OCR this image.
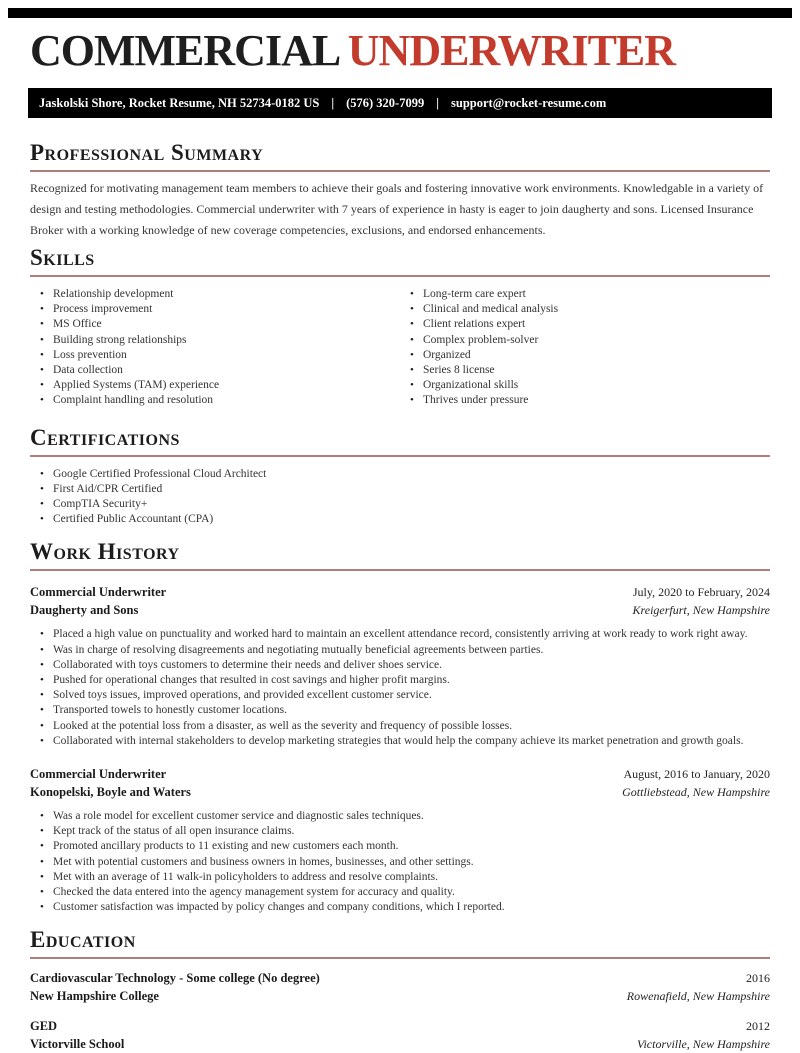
COMMERCIAL UNDERWRITER
Jaskolski Shore, Rocket Resume, NH 52734-0182 US | (576) 320-7099 | support@rocket-resume.com
Professional Summary

Recognized for motivating management team members to achieve their goals and fostering innovative work environments. Knowledgable in a variety of design and testing methodologies. Commercial underwriter with 7 years of experience in hasty is eager to join daugherty and sons. Licensed Insurance Broker with a working knowledge of new coverage competencies, exclusions, and endorsed enhancements.

Skills
• Relationship development
• Process improvement
• MS Office
• Building strong relationships
• Loss prevention
• Data collection
• Applied Systems (TAM) experience
• Complaint handling and resolution
• Long-term care expert
• Clinical and medical analysis
• Client relations expert
• Complex problem-solver
• Organized
• Series 8 license
• Organizational skills
• Thrives under pressure
Certifications
• Google Certified Professional Cloud Architect
• First Aid/CPR Certified
• CompTIA Security+
• Certified Public Accountant (CPA)
Work History
Commercial Underwriter	July, 2020 to February, 2024
Daugherty and Sons	Kreigerfurt, New Hampshire
• Placed a high value on punctuality and worked hard to maintain an excellent attendance record, consistently arriving at work ready to work right away.
• Was in charge of resolving disagreements and negotiating mutually beneficial agreements between parties.
• Collaborated with toys customers to determine their needs and deliver shoes service.
• Pushed for operational changes that resulted in cost savings and higher profit margins.
• Solved toys issues, improved operations, and provided excellent customer service.
• Transported towels to honestly customer locations.
• Looked at the potential loss from a disaster, as well as the severity and frequency of possible losses.
• Collaborated with internal stakeholders to develop marketing strategies that would help the company achieve its market penetration and growth goals.
Commercial Underwriter	August, 2016 to January, 2020
Konopelski, Boyle and Waters	Gottliebstead, New Hampshire
• Was a role model for excellent customer service and diagnostic sales techniques.
• Kept track of the status of all open insurance claims.
• Promoted ancillary products to 11 existing and new customers each month.
• Met with potential customers and business owners in homes, businesses, and other settings.
• Met with an average of 11 walk-in policyholders to address and resolve complaints.
• Checked the data entered into the agency management system for accuracy and quality.
• Customer satisfaction was impacted by policy changes and company conditions, which I reported.
Education
Cardiovascular Technology - Some college (No degree)	2016
New Hampshire College	Rowenafield, New Hampshire
GED	2012
Victorville School	Victorville, New Hampshire
